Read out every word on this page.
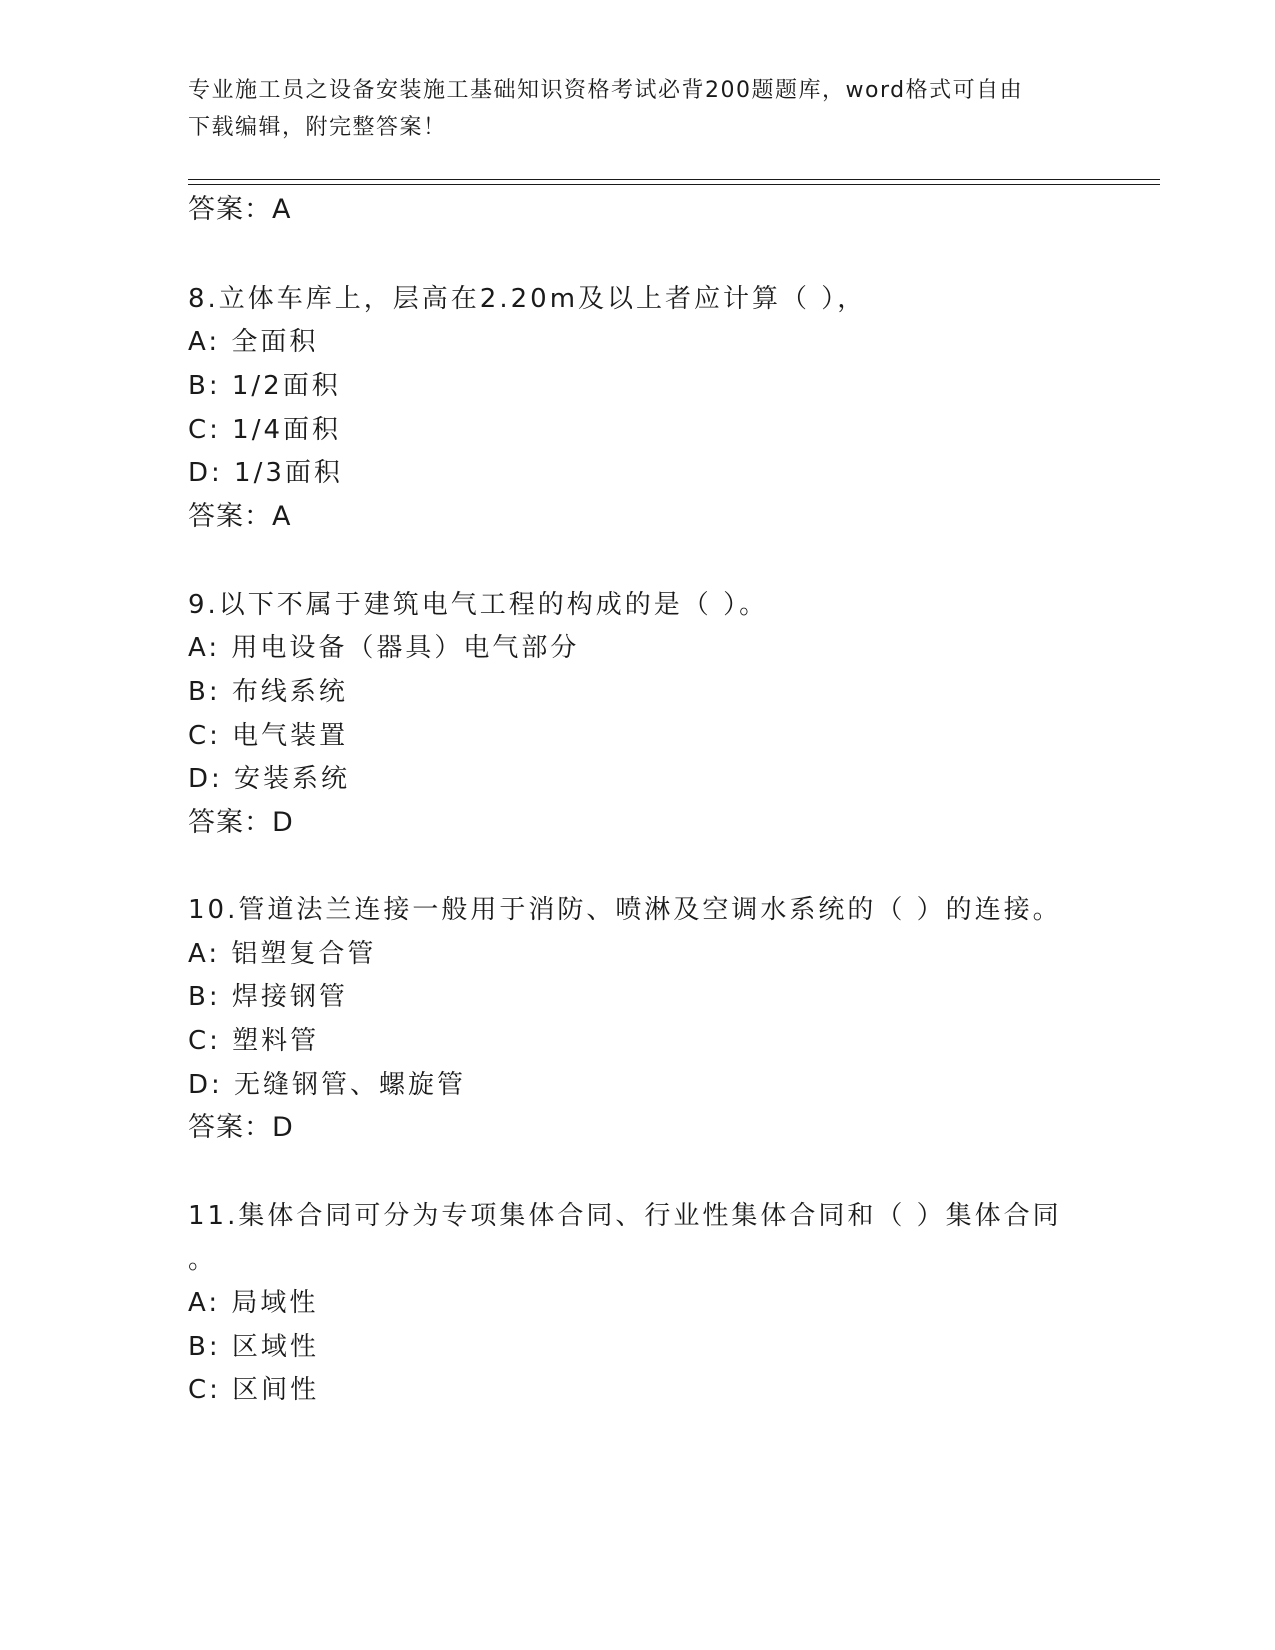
专业施工员之设备安装施工基础知识资格考试必背200题题库，word格式可自由
下载编辑，附完整答案！
答案：A
8.立体车库上，层高在2.20m及以上者应计算（ ），
A: 全面积
B: 1/2面积
C: 1/4面积
D: 1/3面积
答案：A
9.以下不属于建筑电气工程的构成的是（ ）。
A: 用电设备（器具）电气部分
B: 布线系统
C: 电气装置
D: 安装系统
答案：D
10.管道法兰连接一般用于消防、喷淋及空调水系统的（ ）的连接。
A: 铝塑复合管
B: 焊接钢管
C: 塑料管
D: 无缝钢管、螺旋管
答案：D
11.集体合同可分为专项集体合同、行业性集体合同和（ ）集体合同
。
A: 局域性
B: 区域性
C: 区间性
